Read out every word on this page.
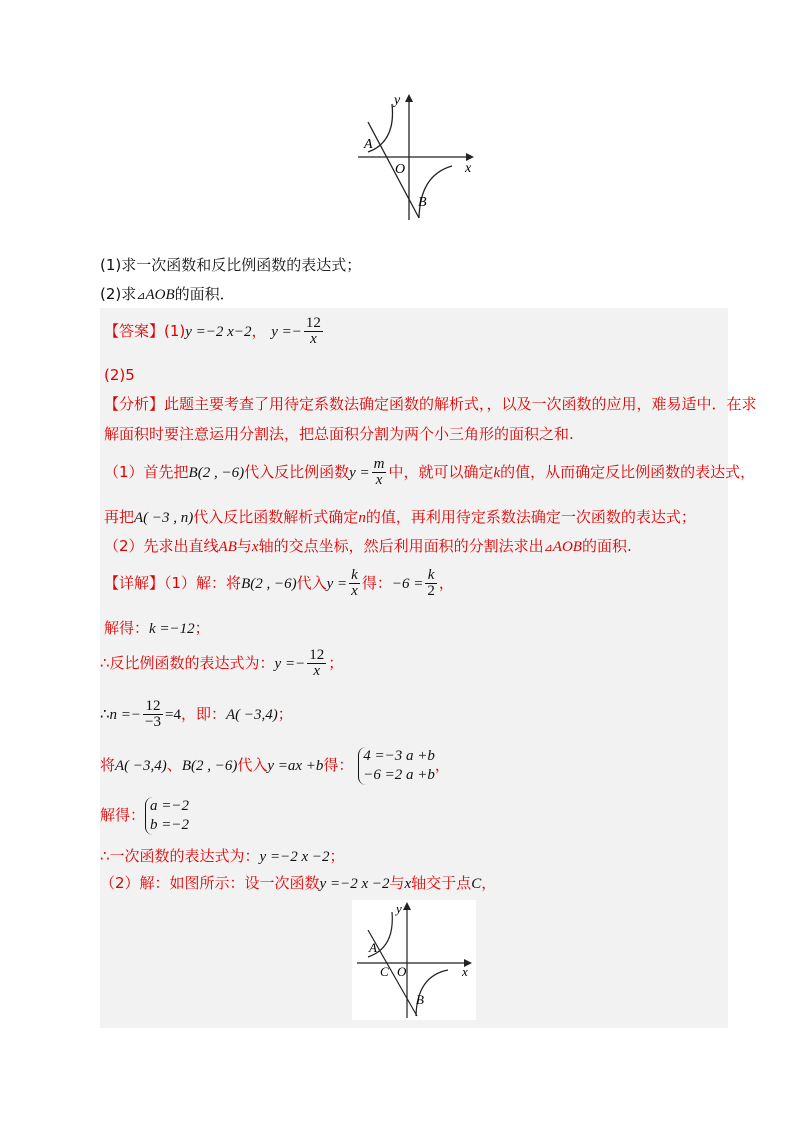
y
x
A
O
B
(1)求一次函数和反比例函数的表达式；
(2)求⊿AOB的面积．
【答案】(1)y =−2 x−2， $y =- \frac{12}{x}$
(2)5
【分析】此题主要考查了用待定系数法确定函数的解析式，，以及一次函数的应用，难易适中．在求
解面积时要注意运用分割法，把总面积分割为两个小三角形的面积之和.
（1）首先把B(2 , −6)代入反比例函数$y = \frac{m}{x}$ 中，就可以确定k的值，从而确定反比例函数的表达式，
再把A( −3 , n)代入反比函数解析式确定n的值，再利用待定系数法确定一次函数的表达式；
（2）先求出直线AB与x轴的交点坐标，然后利用面积的分割法求出⊿AOB的面积.
【详解】（1）解：将B(2 , −6)代入$y = \frac{k}{x}$ 得：$-6 = \frac{k}{2}$ ，
解得：k =−12；
∴反比例函数的表达式为：$y =- \frac{12}{x}$ ；
∴n =− $\frac{12}{-3} =4$，即：A( −3,4)；
将A( −3,4)、B(2 , −6)代入y =ax +b得：
4 =−3 a +b
−6 =2 a +b
，
解得：
a =−2
b =−2
∴一次函数的表达式为：y =−2 x −2；
（2）解：如图所示：设一次函数y =−2 x −2与x轴交于点C，
y
x
A
C O
B
